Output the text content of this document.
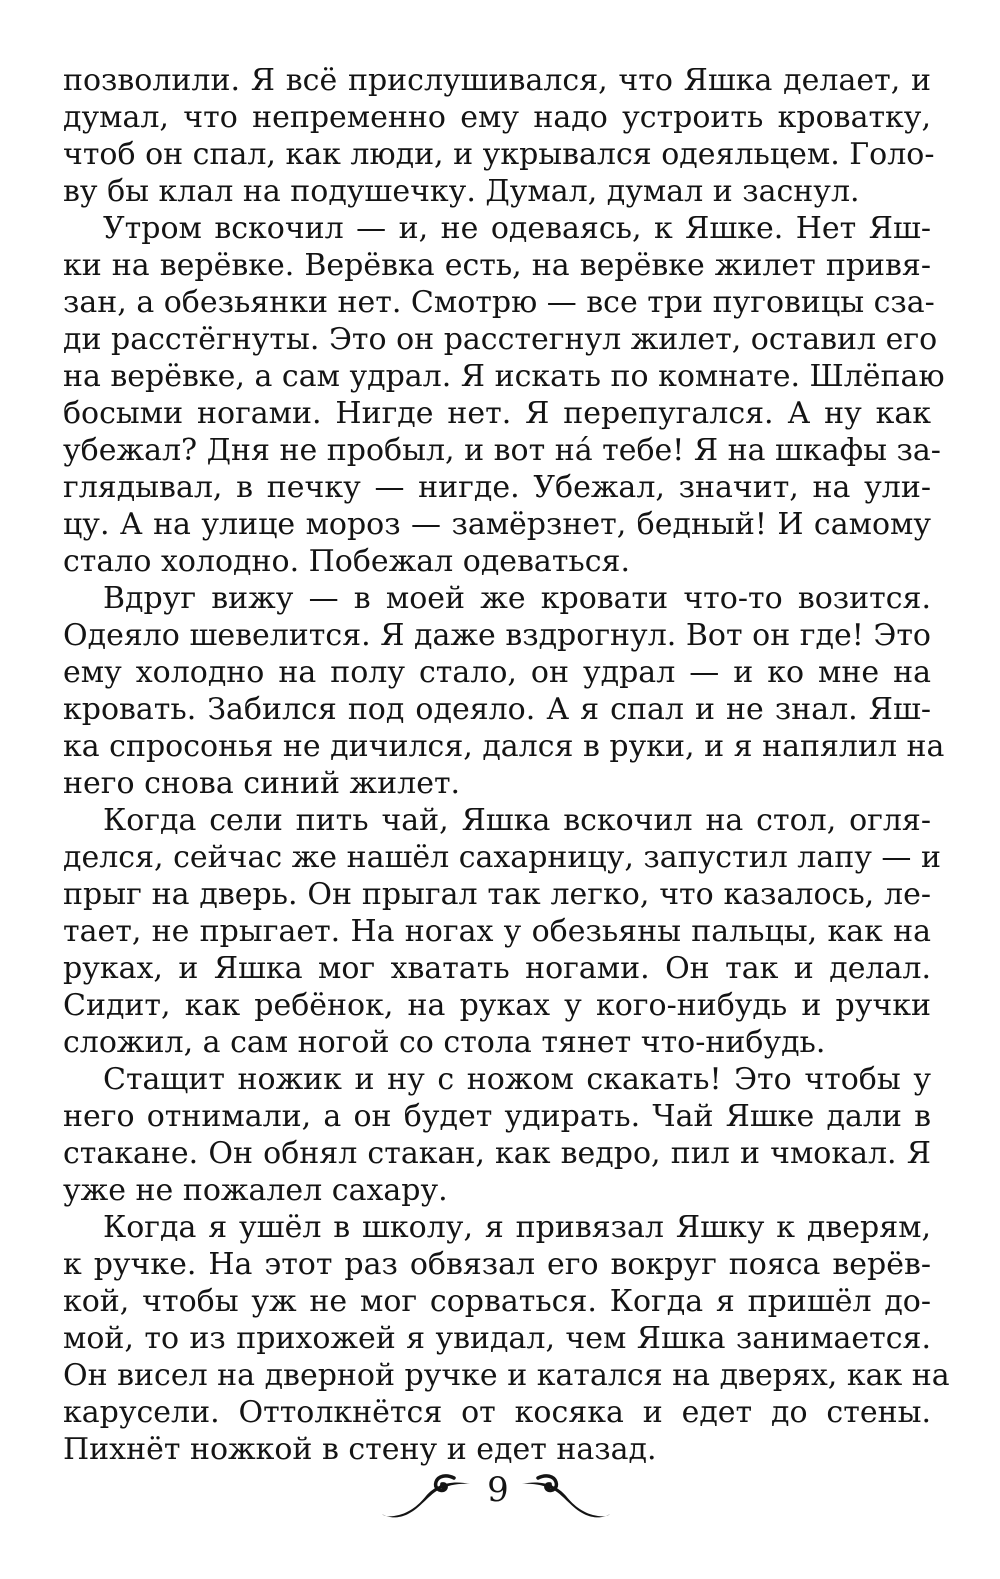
позволили. Я всё прислушивался, что Яшка делает, и
думал, что непременно ему надо устроить кроватку,
чтоб он спал, как люди, и укрывался одеяльцем. Голо-
ву бы клал на подушечку. Думал, думал и заснул.
Утром вскочил — и, не одеваясь, к Яшке. Нет Яш-
ки на верёвке. Верёвка есть, на верёвке жилет привя-
зан, а обезьянки нет. Смотрю — все три пуговицы сза-
ди расстёгнуты. Это он расстегнул жилет, оставил его
на верёвке, а сам удрал. Я искать по комнате. Шлёпаю
босыми ногами. Нигде нет. Я перепугался. А ну как
убежал? Дня не пробыл, и вот на́ тебе! Я на шкафы за-
глядывал, в печку — нигде. Убежал, значит, на ули-
цу. А на улице мороз — замёрзнет, бедный! И самому
стало холодно. Побежал одеваться.
Вдруг вижу — в моей же кровати что-то возится.
Одеяло шевелится. Я даже вздрогнул. Вот он где! Это
ему холодно на полу стало, он удрал — и ко мне на
кровать. Забился под одеяло. А я спал и не знал. Яш-
ка спросонья не дичился, дался в руки, и я напялил на
него снова синий жилет.
Когда сели пить чай, Яшка вскочил на стол, огля-
делся, сейчас же нашёл сахарницу, запустил лапу — и
прыг на дверь. Он прыгал так легко, что казалось, ле-
тает, не прыгает. На ногах у обезьяны пальцы, как на
руках, и Яшка мог хватать ногами. Он так и делал.
Сидит, как ребёнок, на руках у кого-нибудь и ручки
сложил, а сам ногой со стола тянет что-нибудь.
Стащит ножик и ну с ножом скакать! Это чтобы у
него отнимали, а он будет удирать. Чай Яшке дали в
стакане. Он обнял стакан, как ведро, пил и чмокал. Я
уже не пожалел сахару.
Когда я ушёл в школу, я привязал Яшку к дверям,
к ручке. На этот раз обвязал его вокруг пояса верёв-
кой, чтобы уж не мог сорваться. Когда я пришёл до-
мой, то из прихожей я увидал, чем Яшка занимается.
Он висел на дверной ручке и катался на дверях, как на
карусели. Оттолкнётся от косяка и едет до стены.
Пихнёт ножкой в стену и едет назад.
9
